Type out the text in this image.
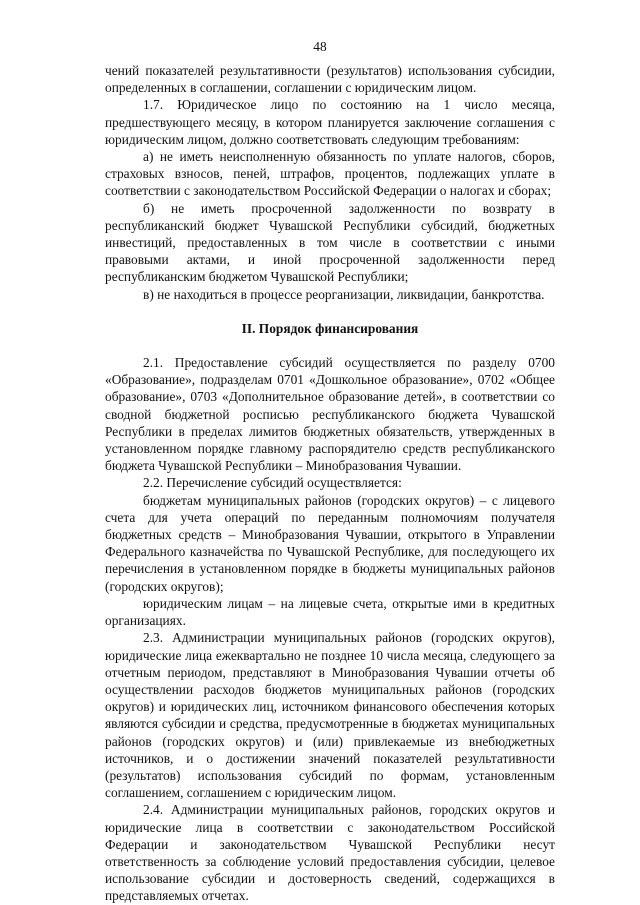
48

чений показателей результативности (результатов) использования субсидии, определенных в соглашении, соглашении с юридическим лицом.

1.7. Юридическое лицо по состоянию на 1 число месяца, предшествующего месяцу, в котором планируется заключение соглашения с юридическим лицом, должно соответствовать следующим требованиям:

а) не иметь неисполненную обязанность по уплате налогов, сборов, страховых взносов, пеней, штрафов, процентов, подлежащих уплате в соответствии с законодательством Российской Федерации о налогах и сборах;

б) не иметь просроченной задолженности по возврату в республиканский бюджет Чувашской Республики субсидий, бюджетных инвестиций, предоставленных в том числе в соответствии с иными правовыми актами, и иной просроченной задолженности перед республиканским бюджетом Чувашской Республики;

в) не находиться в процессе реорганизации, ликвидации, банкротства.

II. Порядок финансирования

2.1. Предоставление субсидий осуществляется по разделу 0700 «Образование», подразделам 0701 «Дошкольное образование», 0702 «Общее образование», 0703 «Дополнительное образование детей», в соответствии со сводной бюджетной росписью республиканского бюджета Чувашской Республики в пределах лимитов бюджетных обязательств, утвержденных в установленном порядке главному распорядителю средств республиканского бюджета Чувашской Республики – Минобразования Чувашии.

2.2. Перечисление субсидий осуществляется:

бюджетам муниципальных районов (городских округов) – с лицевого счета для учета операций по переданным полномочиям получателя бюджетных средств – Минобразования Чувашии, открытого в Управлении Федерального казначейства по Чувашской Республике, для последующего их перечисления в установленном порядке в бюджеты муниципальных районов (городских округов);

юридическим лицам – на лицевые счета, открытые ими в кредитных организациях.

2.3. Администрации муниципальных районов (городских округов), юридические лица ежеквартально не позднее 10 числа месяца, следующего за отчетным периодом, представляют в Минобразования Чувашии отчеты об осуществлении расходов бюджетов муниципальных районов (городских округов) и юридических лиц, источником финансового обеспечения которых являются субсидии и средства, предусмотренные в бюджетах муниципальных районов (городских округов) и (или) привлекаемые из внебюджетных источников, и о достижении значений показателей результативности (результатов) использования субсидий по формам, установленным соглашением, соглашением с юридическим лицом.

2.4. Администрации муниципальных районов, городских округов и юридические лица в соответствии с законодательством Российской Федерации и законодательством Чувашской Республики несут ответственность за соблюдение условий предоставления субсидии, целевое использование субсидии и достоверность сведений, содержащихся в представляемых отчетах.
